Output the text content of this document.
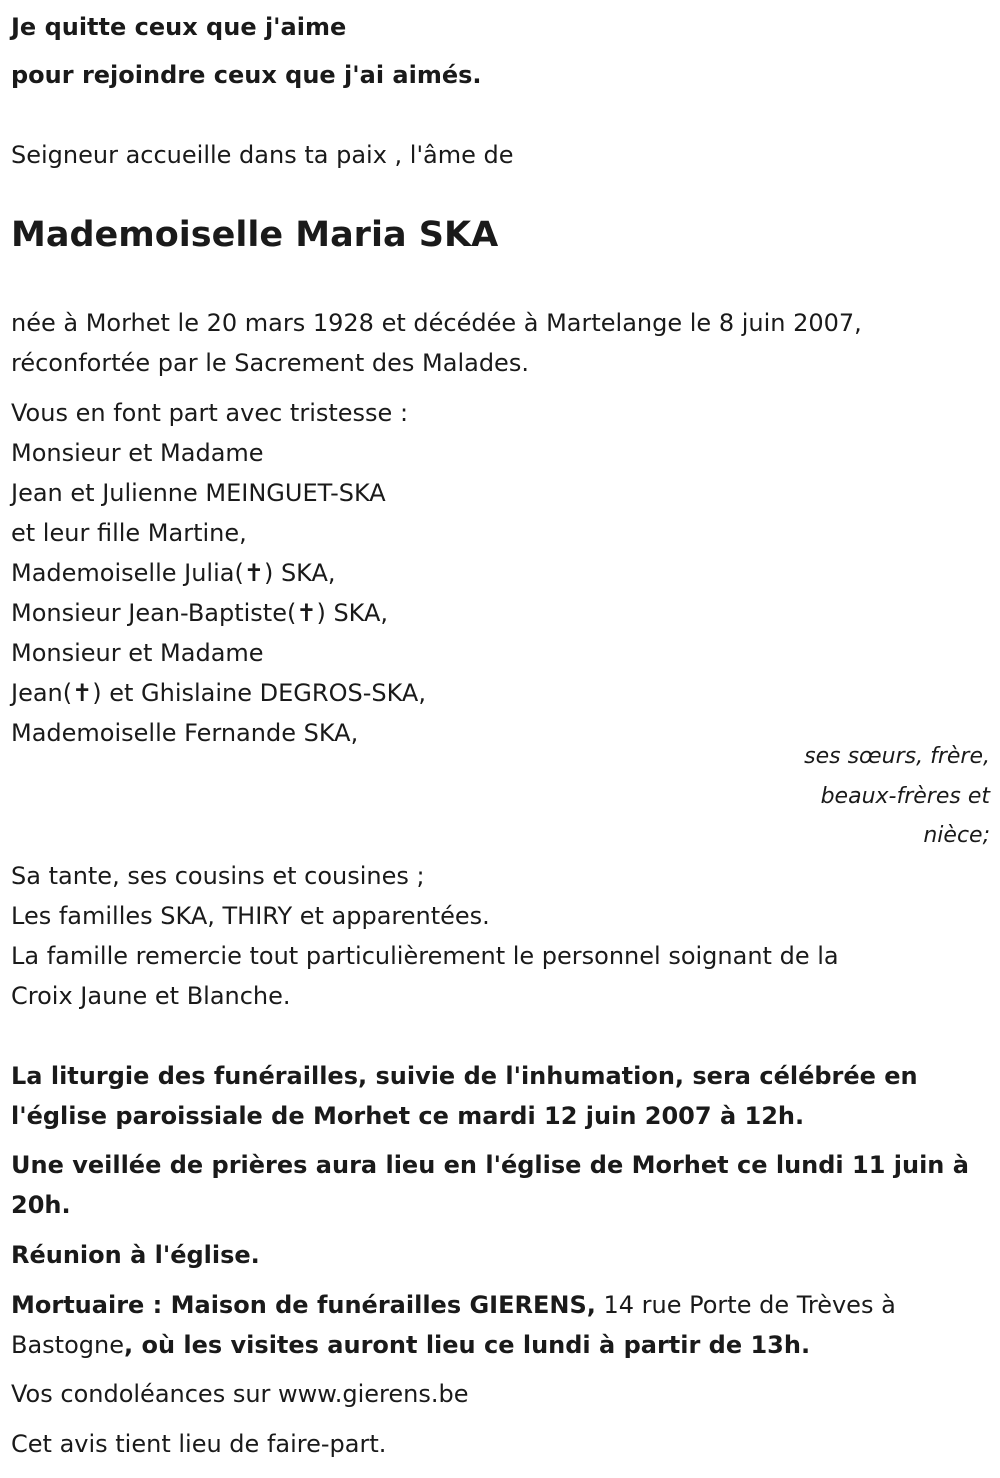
Je quitte ceux que j'aime
pour rejoindre ceux que j'ai aimés.
Seigneur accueille dans ta paix , l'âme de
Mademoiselle Maria SKA
née à Morhet le 20 mars 1928 et décédée à Martelange le 8 juin 2007,
réconfortée par le Sacrement des Malades.
Vous en font part avec tristesse :
Monsieur et Madame
Jean et Julienne MEINGUET-SKA
et leur fille Martine,
Mademoiselle Julia(✝) SKA,
Monsieur Jean-Baptiste(✝) SKA,
Monsieur et Madame
Jean(✝) et Ghislaine DEGROS-SKA,
Mademoiselle Fernande SKA,
ses sœurs, frère,
beaux-frères et
nièce;
Sa tante, ses cousins et cousines ;
Les familles SKA, THIRY et apparentées.
La famille remercie tout particulièrement le personnel soignant de la
Croix Jaune et Blanche.
La liturgie des funérailles, suivie de l'inhumation, sera célébrée en
l'église paroissiale de Morhet ce mardi 12 juin 2007 à 12h.
Une veillée de prières aura lieu en l'église de Morhet ce lundi 11 juin à
20h.
Réunion à l'église.
Mortuaire : Maison de funérailles GIERENS, 14 rue Porte de Trèves à
Bastogne, où les visites auront lieu ce lundi à partir de 13h.
Vos condoléances sur www.gierens.be
Cet avis tient lieu de faire-part.
